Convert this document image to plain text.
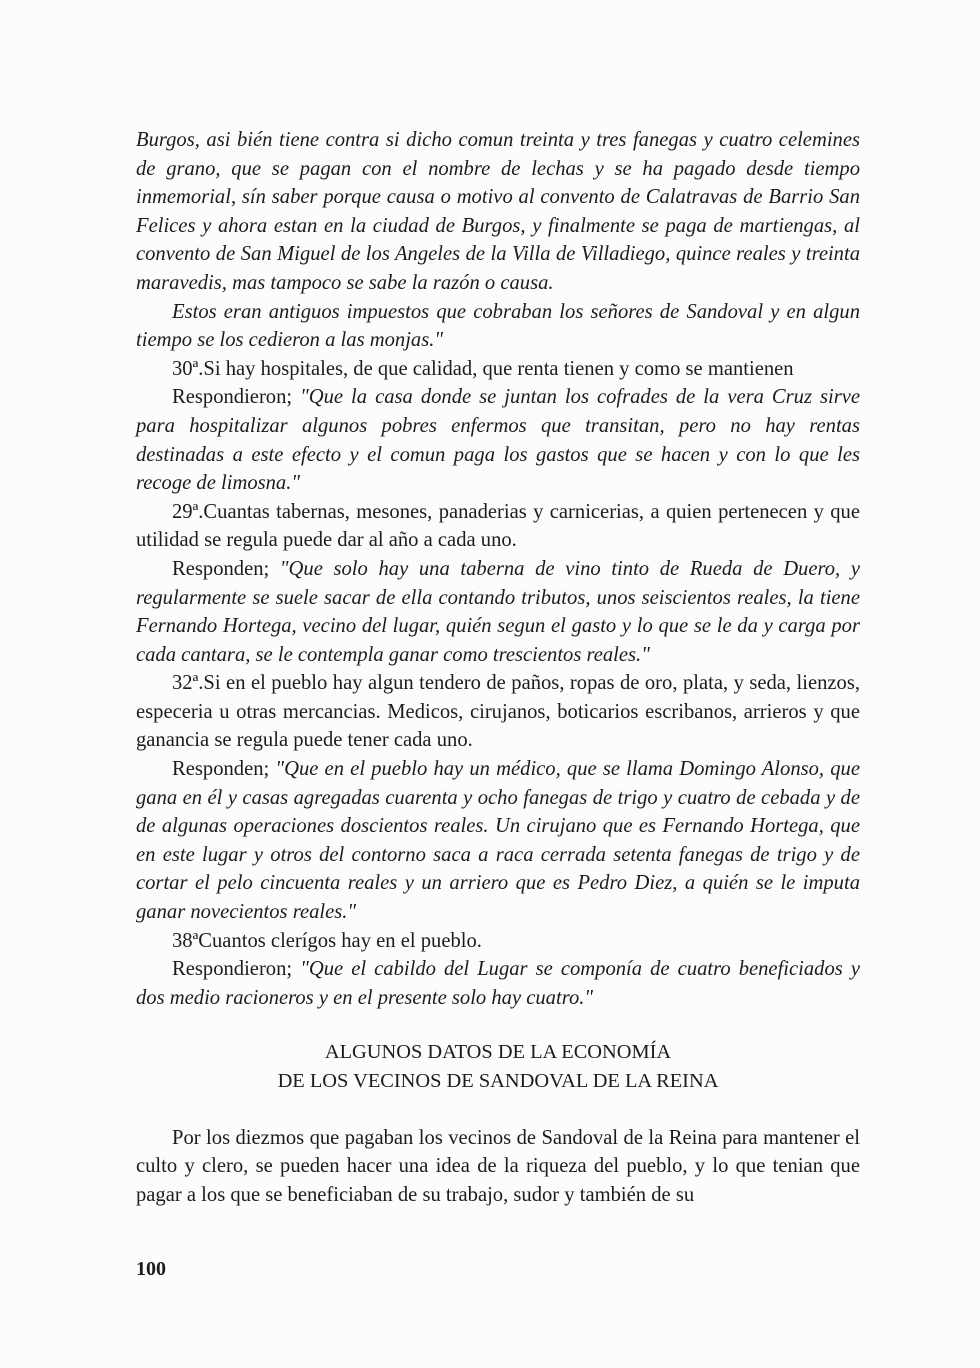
Burgos, asi bién tiene contra si dicho comun treinta y tres fanegas y cuatro celemines de grano, que se pagan con el nombre de lechas y se ha pagado desde tiempo inmemorial, sín saber porque causa o motivo al convento de Calatravas de Barrio San Felices y ahora estan en la ciudad de Burgos, y finalmente se paga de martiengas, al convento de San Miguel de los Angeles de la Villa de Villadiego, quince reales y treinta maravedis, mas tampoco se sabe la razón o causa.

Estos eran antiguos impuestos que cobraban los señores de Sandoval y en algun tiempo se los cedieron a las monjas."

30ª.Si hay hospitales, de que calidad, que renta tienen y como se mantienen

Respondieron; "Que la casa donde se juntan los cofrades de la vera Cruz sirve para hospitalizar algunos pobres enfermos que transitan, pero no hay rentas destinadas a este efecto y el comun paga los gastos que se hacen y con lo que les recoge de limosna."

29ª.Cuantas tabernas, mesones, panaderias y carnicerias, a quien pertenecen y que utilidad se regula puede dar al año a cada uno.

Responden; "Que solo hay una taberna de vino tinto de Rueda de Duero, y regularmente se suele sacar de ella contando tributos, unos seiscientos reales, la tiene Fernando Hortega, vecino del lugar, quién segun el gasto y lo que se le da y carga por cada cantara, se le contempla ganar como trescientos reales."

32ª.Si en el pueblo hay algun tendero de paños, ropas de oro, plata, y seda, lienzos, especeria u otras mercancias. Medicos, cirujanos, boticarios escribanos, arrieros y que ganancia se regula puede tener cada uno.

Responden; "Que en el pueblo hay un médico, que se llama Domingo Alonso, que gana en él y casas agregadas cuarenta y ocho fanegas de trigo y cuatro de cebada y de de algunas operaciones doscientos reales. Un cirujano que es Fernando Hortega, que en este lugar y otros del contorno saca a raca cerrada setenta fanegas de trigo y de cortar el pelo cincuenta reales y un arriero que es Pedro Diez, a quién se le imputa ganar novecientos reales."

38ªCuantos clerígos hay en el pueblo.

Respondieron; "Que el cabildo del Lugar se componía de cuatro beneficiados y dos medio racioneros y en el presente solo hay cuatro."

ALGUNOS DATOS DE LA ECONOMÍA
DE LOS VECINOS DE SANDOVAL DE LA REINA

Por los diezmos que pagaban los vecinos de Sandoval de la Reina para mantener el culto y clero, se pueden hacer una idea de la riqueza del pueblo, y lo que tenian que pagar a los que se beneficiaban de su trabajo, sudor y también de su

100
